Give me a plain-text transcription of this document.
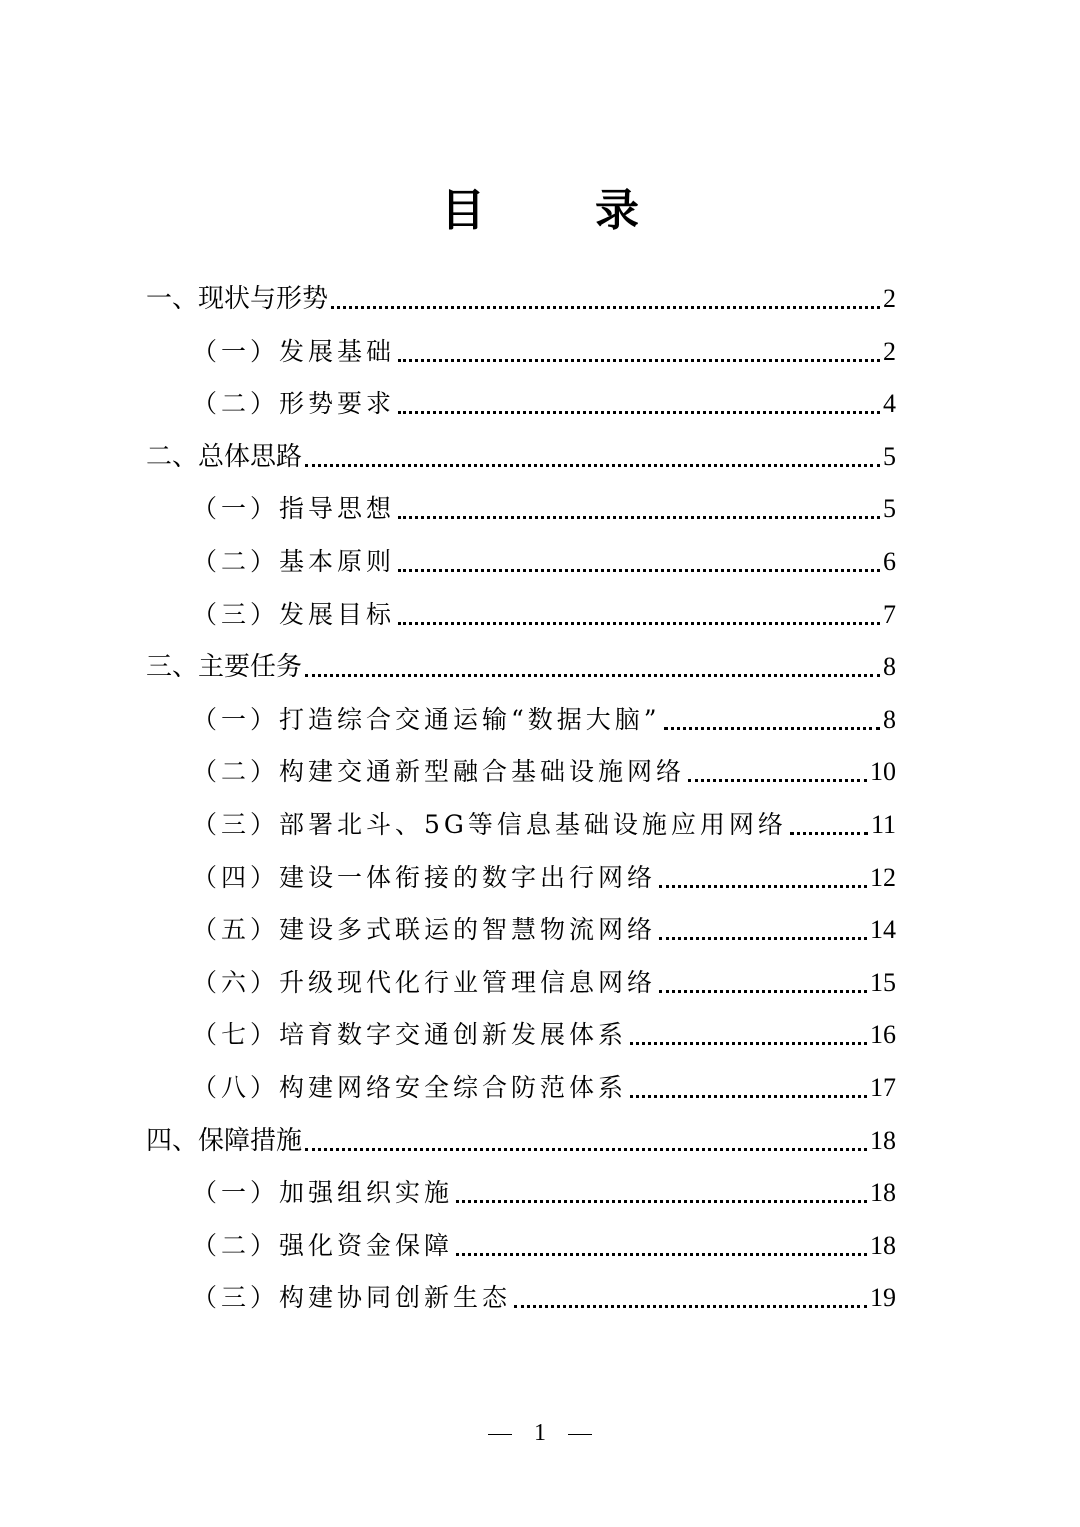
目录
一、现状与形势	2
（一）发展基础	2
（二）形势要求	4
二、总体思路	5
（一）指导思想	5
（二）基本原则	6
（三）发展目标	7
三、主要任务	8
（一）打造综合交通运输“数据大脑”	8
（二）构建交通新型融合基础设施网络	10
（三）部署北斗、5G等信息基础设施应用网络	11
（四）建设一体衔接的数字出行网络	12
（五）建设多式联运的智慧物流网络	14
（六）升级现代化行业管理信息网络	15
（七）培育数字交通创新发展体系	16
（八）构建网络安全综合防范体系	17
四、保障措施	18
（一）加强组织实施	18
（二）强化资金保障	18
（三）构建协同创新生态	19
1
